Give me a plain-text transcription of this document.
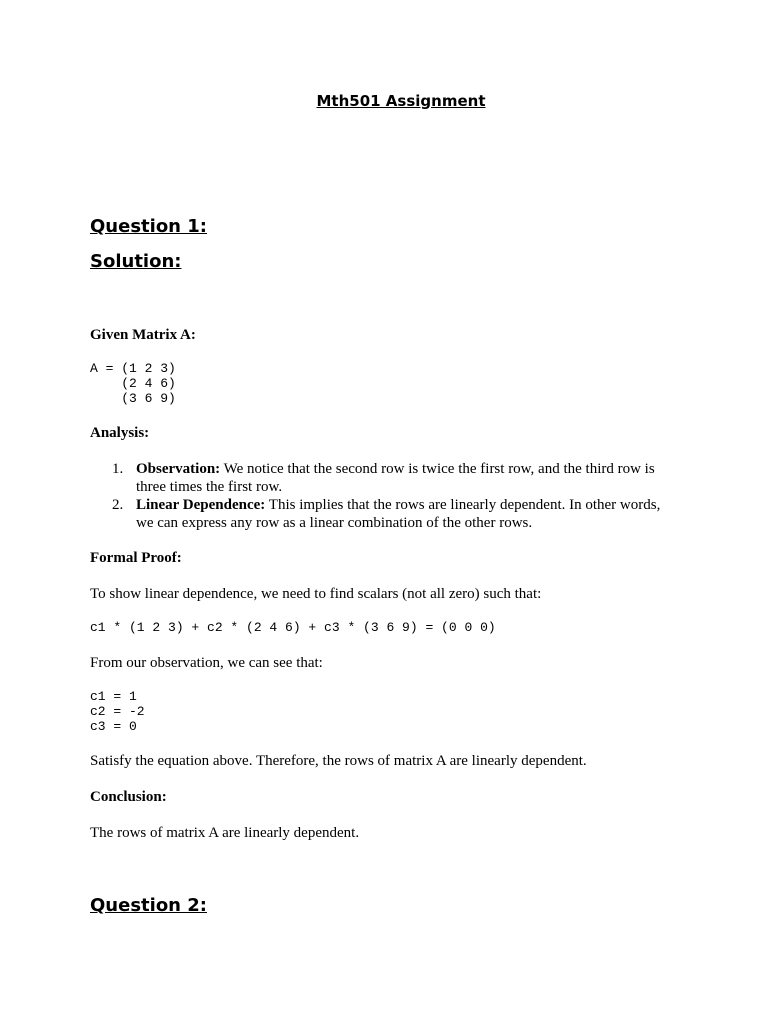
Mth501 Assignment
Question 1:
Solution:

Given Matrix A:

A = (1 2 3)
(2 4 6)
(3 6 9)

Analysis:

1. Observation: We notice that the second row is twice the first row, and the third row is three times the first row.
2. Linear Dependence: This implies that the rows are linearly dependent. In other words, we can express any row as a linear combination of the other rows.

Formal Proof:

To show linear dependence, we need to find scalars (not all zero) such that:

c1 * (1 2 3) + c2 * (2 4 6) + c3 * (3 6 9) = (0 0 0)

From our observation, we can see that:

c1 = 1
c2 = -2
c3 = 0

Satisfy the equation above. Therefore, the rows of matrix A are linearly dependent.

Conclusion:

The rows of matrix A are linearly dependent.

Question 2:
